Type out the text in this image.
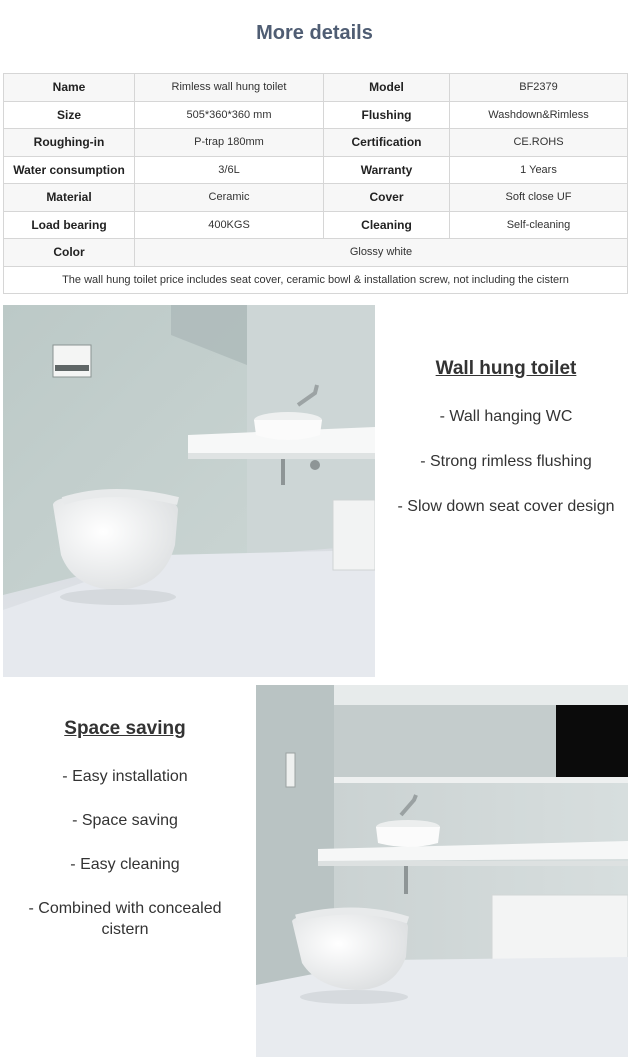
More details
Name	Rimless wall hung toilet	Model	BF2379
Size	505*360*360 mm	Flushing	Washdown&Rimless
Roughing-in	P-trap 180mm	Certification	CE.ROHS
Water consumption	3/6L	Warranty	1 Years
Material	Ceramic	Cover	Soft close UF
Load bearing	400KGS	Cleaning	Self-cleaning
Color	Glossy white		
The wall hung toilet price includes seat cover, ceramic bowl & installation screw, not including the cistern			
Wall hung toilet

- Wall hanging WC

- Strong rimless flushing

- Slow down seat cover design

Space saving

- Easy installation

- Space saving

- Easy cleaning

- Combined with concealed cistern
